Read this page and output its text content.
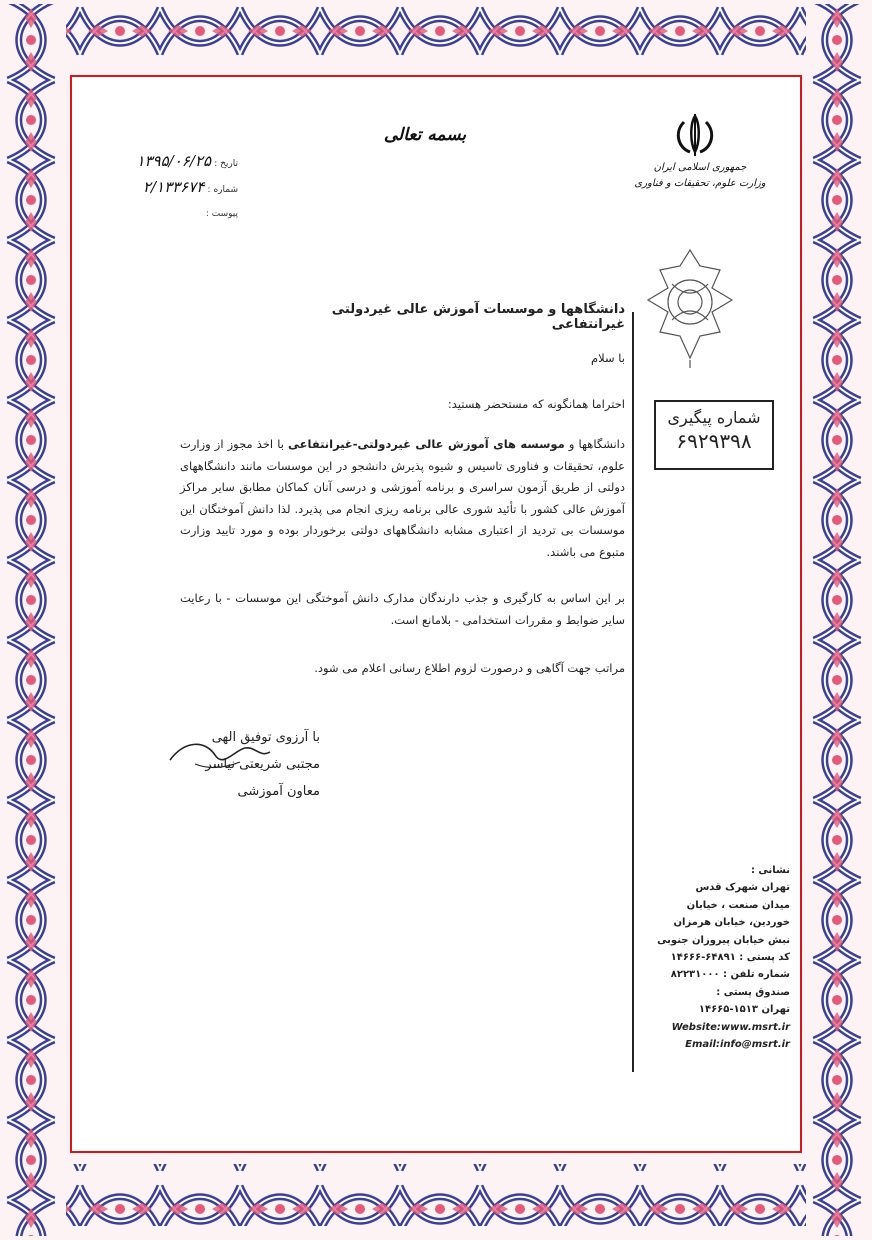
بسمه تعالی
تاریخ : ۱۳۹۵/۰۶/۲۵
شماره : ۲/۱۳۳۶۷۴
پیوست :
جمهوری اسلامی ایران
وزارت علوم، تحقیقات و فناوری
شماره پیگیری
۶۹۲۹۳۹۸
دانشگاهها و موسسات آموزش عالی غیردولتی غیرانتفاعی
با سلام
احتراما همانگونه که مستحضر هستید:
دانشگاهها و موسسه های آموزش عالی غیردولتی-غیرانتفاعی با اخذ مجوز از وزارت علوم، تحقیقات و فناوری تاسیس و شیوه پذیرش دانشجو در این موسسات مانند دانشگاههای دولتی از طریق آزمون سراسری و برنامه آموزشی و درسی آنان کماکان مطابق سایر مراکز آموزش عالی کشور با تأئید شوری عالی برنامه ریزی انجام می پذیرد. لذا دانش آموختگان این موسسات بی تردید از اعتباری مشابه دانشگاههای دولتی برخوردار بوده و مورد تایید وزارت متبوع می باشند.
بر این اساس به کارگیری و جذب دارندگان مدارک دانش آموختگی این موسسات - با رعایت سایر ضوابط و مقررات استخدامی - بلامانع است.
مراتب جهت آگاهی و درصورت لزوم اطلاع رسانی اعلام می شود.
با آرزوی توفیق الهی
مجتبی شریعتی نیاسر
معاون آموزشی
نشانی :
تهران شهرک قدس
میدان صنعت ، خیابان
خوردین، خیابان هرمزان
نبش خیابان پیروزان جنوبی
کد پستی : ۶۴۸۹۱-۱۴۶۶۶
شماره تلفن : ۸۲۲۳۱۰۰۰
صندوق پستی :
تهران ۱۵۱۳-۱۴۶۶۵
Website:www.msrt.ir
Email:info@msrt.ir
